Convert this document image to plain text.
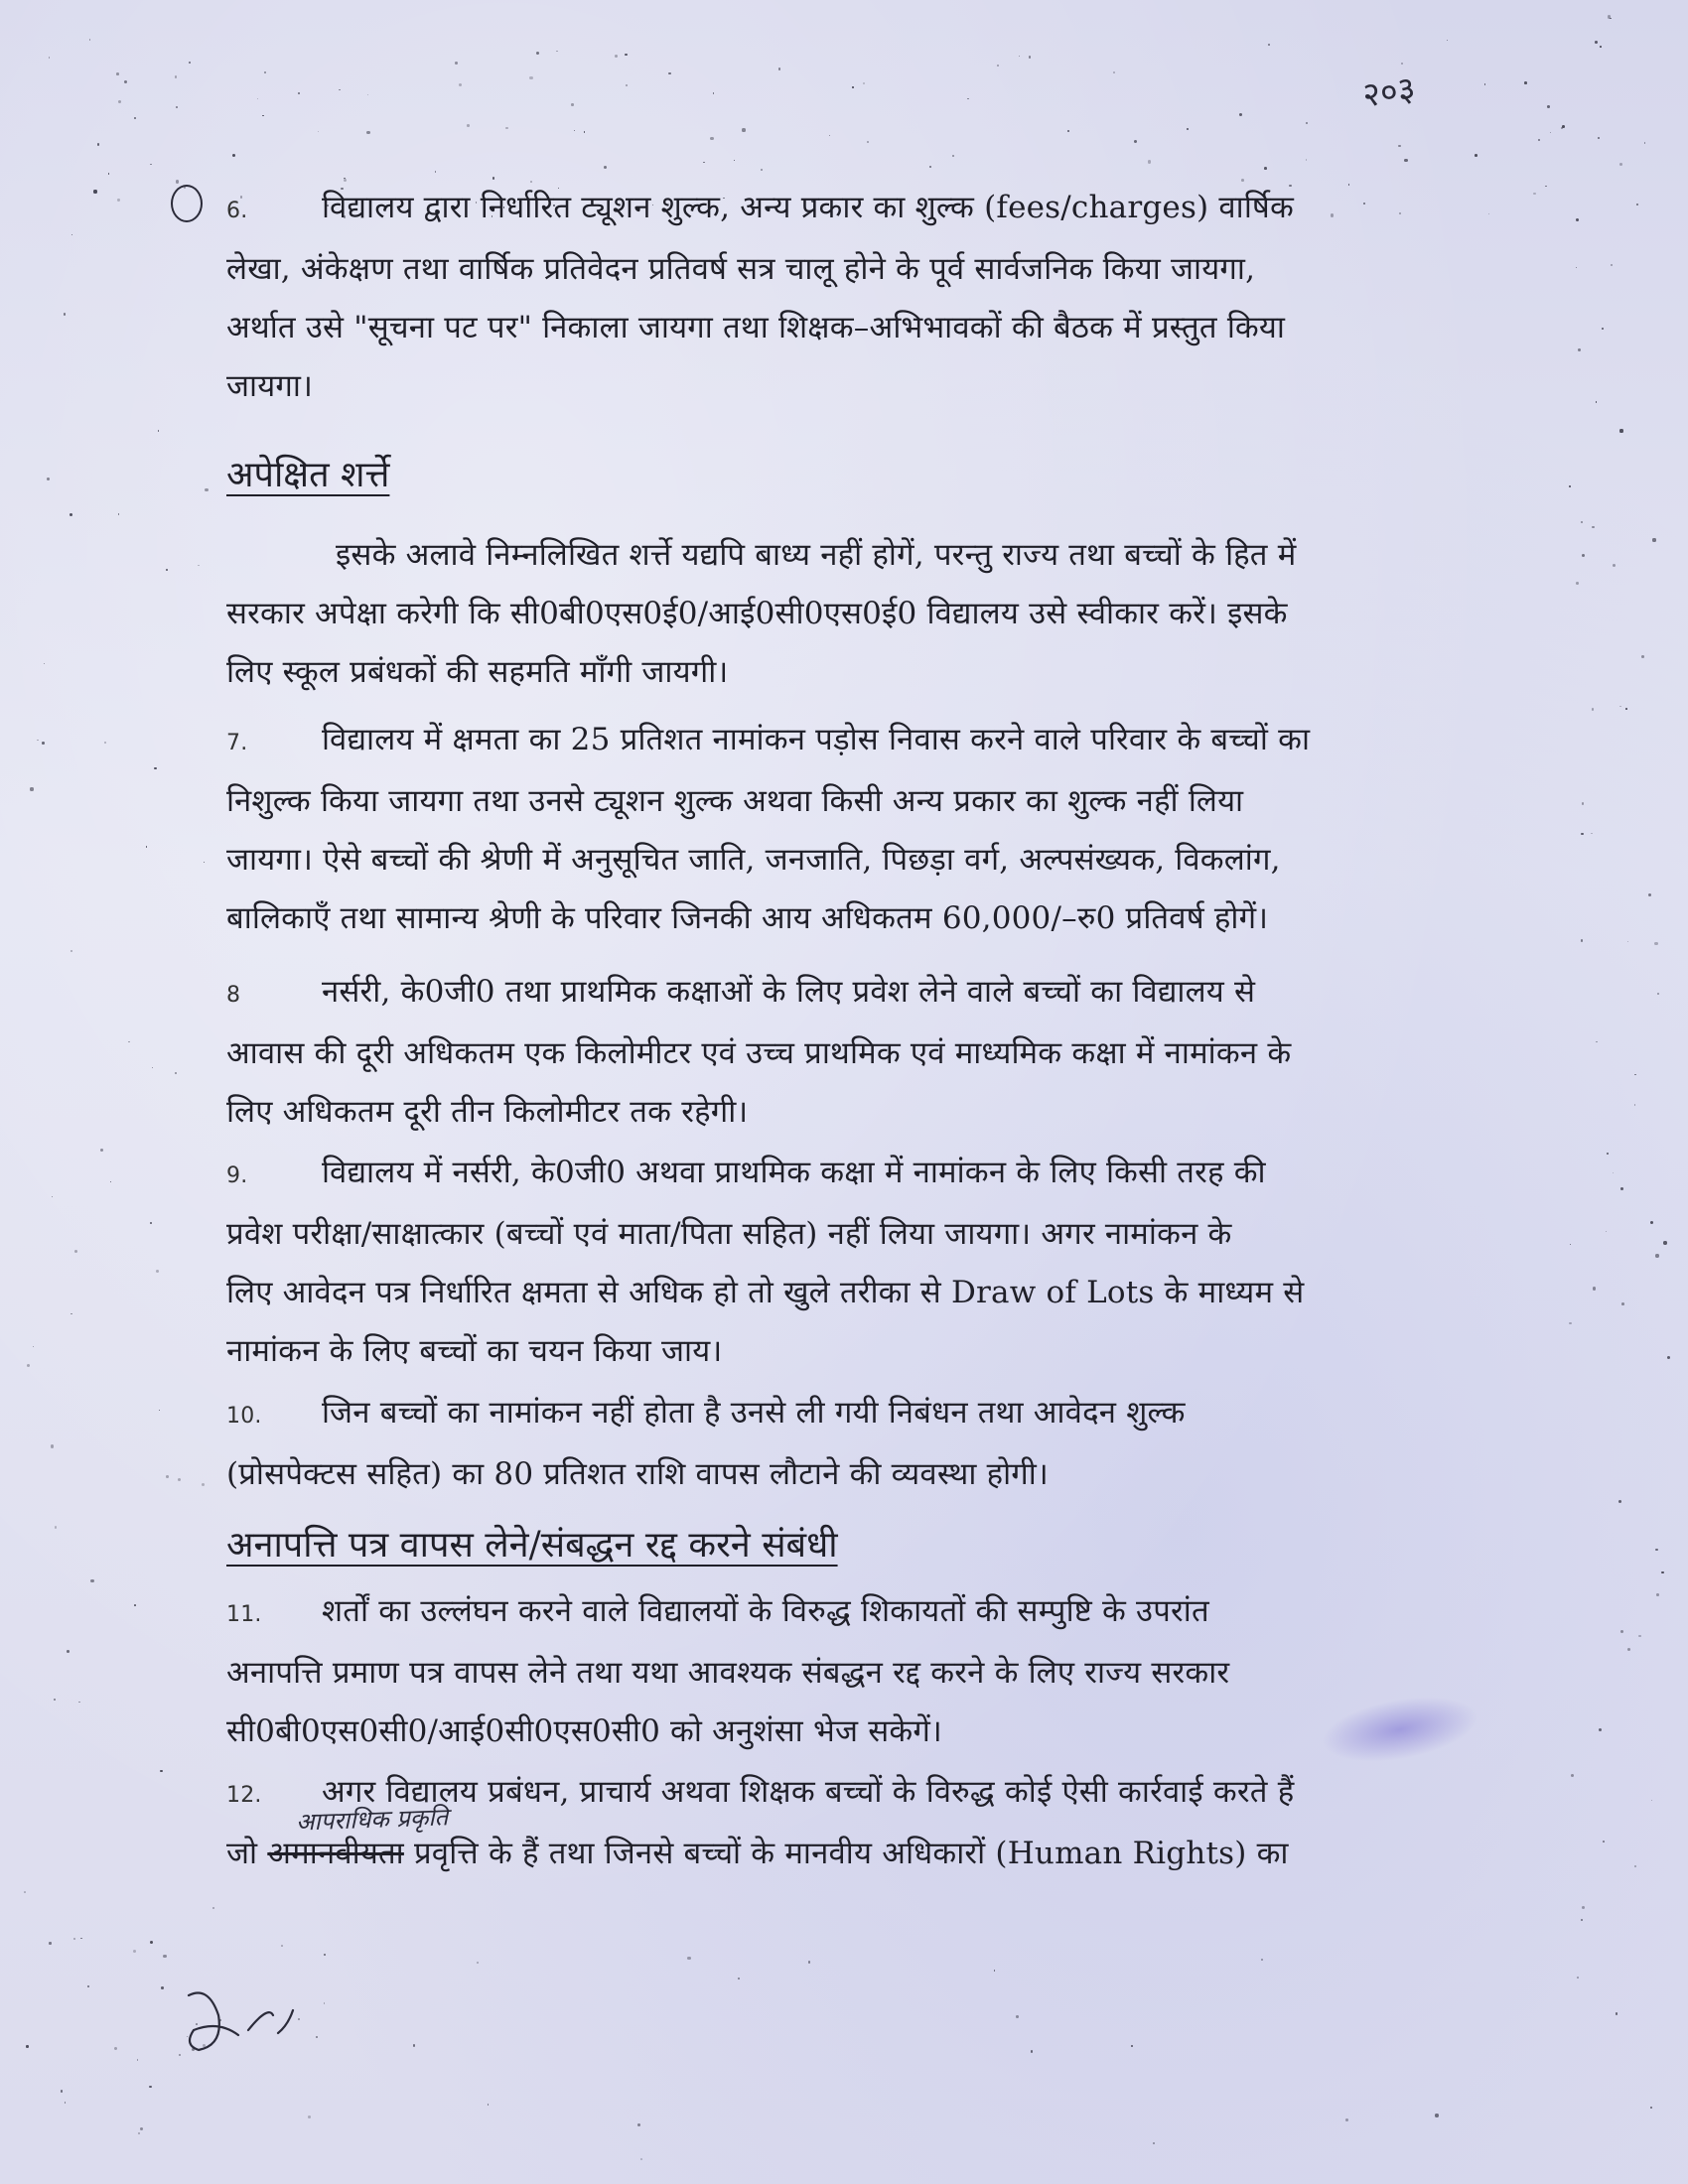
२०३
6. विद्यालय द्वारा निर्धारित ट्यूशन शुल्क, अन्य प्रकार का शुल्क (fees/charges) वार्षिक
लेखा, अंकेक्षण तथा वार्षिक प्रतिवेदन प्रतिवर्ष सत्र चालू होने के पूर्व सार्वजनिक किया जायगा,
अर्थात उसे "सूचना पट पर" निकाला जायगा तथा शिक्षक–अभिभावकों की बैठक में प्रस्तुत किया
जायगा।
अपेक्षित शर्त्ते
इसके अलावे निम्नलिखित शर्त्ते यद्यपि बाध्य नहीं होगें, परन्तु राज्य तथा बच्चों के हित में
सरकार अपेक्षा करेगी कि सी0बी0एस0ई0/आई0सी0एस0ई0 विद्यालय उसे स्वीकार करें। इसके
लिए स्कूल प्रबंधकों की सहमति माँगी जायगी।
7. विद्यालय में क्षमता का 25 प्रतिशत नामांकन पड़ोस निवास करने वाले परिवार के बच्चों का
निशुल्क किया जायगा तथा उनसे ट्यूशन शुल्क अथवा किसी अन्य प्रकार का शुल्क नहीं लिया
जायगा। ऐसे बच्चों की श्रेणी में अनुसूचित जाति, जनजाति, पिछड़ा वर्ग, अल्पसंख्यक, विकलांग,
बालिकाएँ तथा सामान्य श्रेणी के परिवार जिनकी आय अधिकतम 60,000/–रु0 प्रतिवर्ष होगें।
8	नर्सरी, के0जी0 तथा प्राथमिक कक्षाओं के लिए प्रवेश लेने वाले बच्चों का विद्यालय से
आवास की दूरी अधिकतम एक किलोमीटर एवं उच्च प्राथमिक एवं माध्यमिक कक्षा में नामांकन के
लिए अधिकतम दूरी तीन किलोमीटर तक रहेगी।
9. विद्यालय में नर्सरी, के0जी0 अथवा प्राथमिक कक्षा में नामांकन के लिए किसी तरह की
प्रवेश परीक्षा/साक्षात्कार (बच्चों एवं माता/पिता सहित) नहीं लिया जायगा। अगर नामांकन के
लिए आवेदन पत्र निर्धारित क्षमता से अधिक हो तो खुले तरीका से Draw of Lots के माध्यम से
नामांकन के लिए बच्चों का चयन किया जाय।
10. जिन बच्चों का नामांकन नहीं होता है उनसे ली गयी निबंधन तथा आवेदन शुल्क
(प्रोसपेक्टस सहित) का 80 प्रतिशत राशि वापस लौटाने की व्यवस्था होगी।
अनापत्ति पत्र वापस लेने/संबद्धन रद्द करने संबंधी
11. शर्तों का उल्लंघन करने वाले विद्यालयों के विरुद्ध शिकायतों की सम्पुष्टि के उपरांत
अनापत्ति प्रमाण पत्र वापस लेने तथा यथा आवश्यक संबद्धन रद्द करने के लिए राज्य सरकार
सी0बी0एस0सी0/आई0सी0एस0सी0 को अनुशंसा भेज सकेगें।
12. अगर विद्यालय प्रबंधन, प्राचार्य अथवा शिक्षक बच्चों के विरुद्ध कोई ऐसी कार्रवाई करते हैं
जो अमानवीयता प्रवृत्ति के हैं तथा जिनसे बच्चों के मानवीय अधिकारों (Human Rights) का
आपराधिक प्रकृति
